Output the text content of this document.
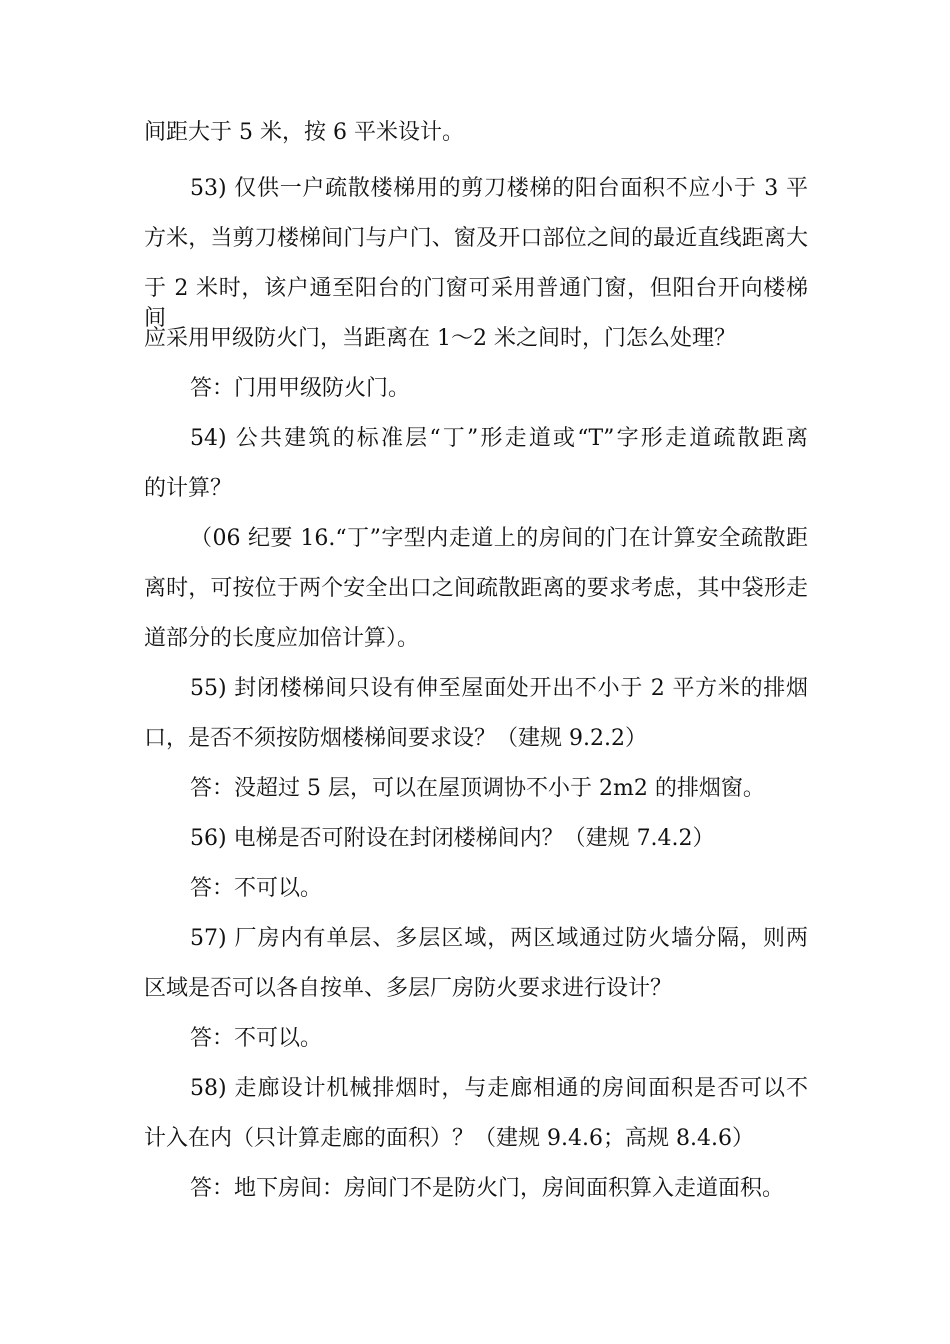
间距大于 5 米，按 6 平米设计。
53) 仅供一户疏散楼梯用的剪刀楼梯的阳台面积不应小于 3 平
方米，当剪刀楼梯间门与户门、窗及开口部位之间的最近直线距离大
于 2 米时，该户通至阳台的门窗可采用普通门窗，但阳台开向楼梯间
应采用甲级防火门，当距离在 1～2 米之间时，门怎么处理？
答：门用甲级防火门。
54) 公共建筑的标准层“丁”形走道或“T”字形走道疏散距离
的计算？
（06 纪要 16.“丁”字型内走道上的房间的门在计算安全疏散距
离时，可按位于两个安全出口之间疏散距离的要求考虑，其中袋形走
道部分的长度应加倍计算）。
55) 封闭楼梯间只设有伸至屋面处开出不小于 2 平方米的排烟
口，是否不须按防烟楼梯间要求设？（建规 9.2.2）
答：没超过 5 层，可以在屋顶调协不小于 2m2 的排烟窗。
56) 电梯是否可附设在封闭楼梯间内？（建规 7.4.2）
答：不可以。
57) 厂房内有单层、多层区域，两区域通过防火墙分隔，则两
区域是否可以各自按单、多层厂房防火要求进行设计？
答：不可以。
58) 走廊设计机械排烟时，与走廊相通的房间面积是否可以不
计入在内（只计算走廊的面积）？（建规 9.4.6；高规 8.4.6）
答：地下房间：房间门不是防火门，房间面积算入走道面积。
